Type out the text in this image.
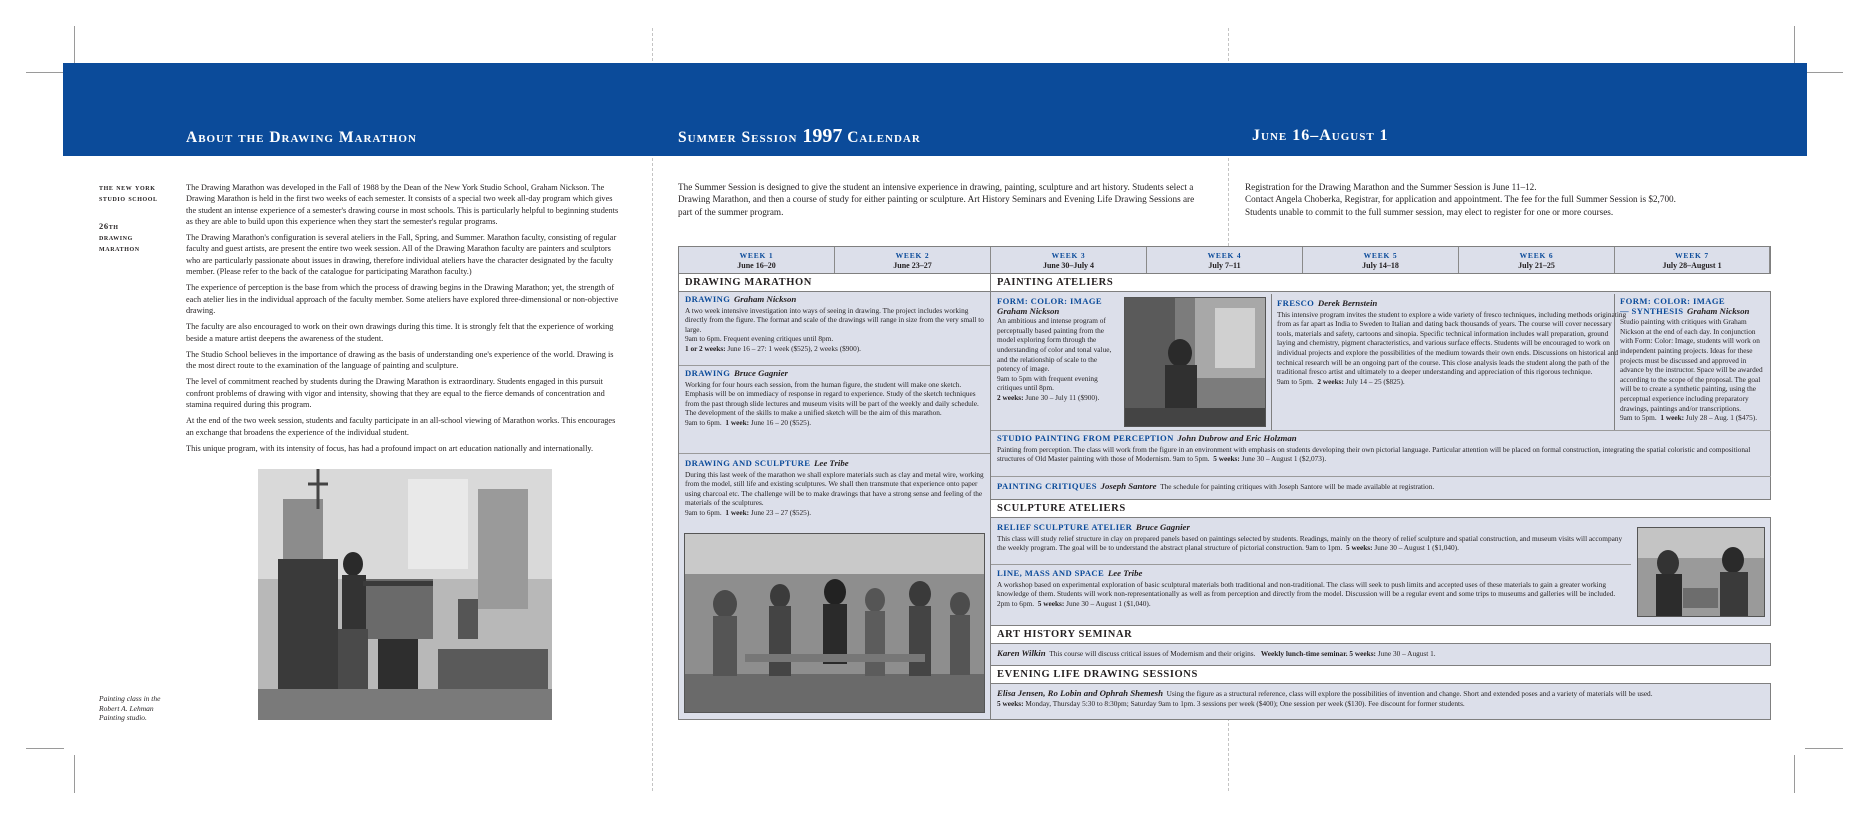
About the Drawing Marathon	Summer Session 1997 Calendar	June 16–August 1
the new york
studio school
26th
drawing
marathon

The Drawing Marathon was developed in the Fall of 1988 by the Dean of the New York Studio School, Graham Nickson. The Drawing Marathon is held in the first two weeks of each semester. It consists of a special two week all-day program which gives the student an intense experience of a semester's drawing course in most schools. This is particularly helpful to beginning students as they are able to build upon this experience when they start the semester's regular programs.

The Drawing Marathon's configuration is several ateliers in the Fall, Spring, and Summer. Marathon faculty, consisting of regular faculty and guest artists, are present the entire two week session. All of the Drawing Marathon faculty are painters and sculptors who are particularly passionate about issues in drawing, therefore individual ateliers have the character designated by the faculty member. (Please refer to the back of the catalogue for participating Marathon faculty.)

The experience of perception is the base from which the process of drawing begins in the Drawing Marathon; yet, the strength of each atelier lies in the individual approach of the faculty member. Some ateliers have explored three-dimensional or non-objective drawing.

The faculty are also encouraged to work on their own drawings during this time. It is strongly felt that the experience of working beside a mature artist deepens the awareness of the student.

The Studio School believes in the importance of drawing as the basis of understanding one's experience of the world. Drawing is the most direct route to the examination of the language of painting and sculpture.

The level of commitment reached by students during the Drawing Marathon is extraordinary. Students engaged in this pursuit confront problems of drawing with vigor and intensity, showing that they are equal to the fierce demands of concentration and stamina required during this program.

At the end of the two week session, students and faculty participate in an all-school viewing of Marathon works. This encourages an exchange that broadens the experience of the individual student.

This unique program, with its intensity of focus, has had a profound impact on art education nationally and internationally.

Painting class in the
Robert A. Lehman
Painting studio.
The Summer Session is designed to give the student an intensive experience in drawing, painting, sculpture and art history. Students select a Drawing Marathon, and then a course of study for either painting or sculpture. Art History Seminars and Evening Life Drawing Sessions are part of the summer program.
Registration for the Drawing Marathon and the Summer Session is June 11–12.
Contact Angela Choberka, Registrar, for application and appointment. The fee for the full Summer Session is $2,700.
Students unable to commit to the full summer session, may elect to register for one or more courses.
WEEK 1
June 16–20
WEEK 2
June 23–27
WEEK 3
June 30–July 4
WEEK 4
July 7–11
WEEK 5
July 14–18
WEEK 6
July 21–25
WEEK 7
July 28–August 1
DRAWING MARATHON
DRAWING Graham Nickson
A two week intensive investigation into ways of seeing in drawing. The project includes working directly from the figure. The format and scale of the drawings will range in size from the very small to large.
9am to 6pm. Frequent evening critiques until 8pm.
1 or 2 weeks: June 16 – 27: 1 week ($525), 2 weeks ($900).
DRAWING Bruce Gagnier
Working for four hours each session, from the human figure, the student will make one sketch. Emphasis will be on immediacy of response in regard to experience. Study of the sketch techniques from the past through slide lectures and museum visits will be part of the weekly and daily schedule. The development of the skills to make a unified sketch will be the aim of this marathon.
9am to 6pm. 1 week: June 16 – 20 ($525).
DRAWING AND SCULPTURE Lee Tribe
During this last week of the marathon we shall explore materials such as clay and metal wire, working from the model, still life and existing sculptures. We shall then transmute that experience onto paper using charcoal etc. The challenge will be to make drawings that have a strong sense and feeling of the materials of the sculptures.
9am to 6pm. 1 week: June 23 – 27 ($525).
PAINTING ATELIERS
FORM: COLOR: IMAGE
Graham Nickson
An ambitious and intense program of perceptually based painting from the model exploring form through the understanding of color and tonal value, and the relationship of scale to the potency of image.
9am to 5pm with frequent evening critiques until 8pm.
2 weeks: June 30 – July 11 ($900).
FRESCO Derek Bernstein
This intensive program invites the student to explore a wide variety of fresco techniques, including methods originating from as far apart as India to Sweden to Italian and dating back thousands of years. The course will cover necessary tools, materials and safety, cartoons and sinopia. Specific technical information includes wall preparation, ground laying and chemistry, pigment characteristics, and various surface effects. Students will be encouraged to work on individual projects and explore the possibilities of the medium towards their own ends. Discussions on historical and technical research will be an ongoing part of the course. This close analysis leads the student along the path of the traditional fresco artist and ultimately to a deeper understanding and appreciation of this rigorous technique.
9am to 5pm. 2 weeks: July 14 – 25 ($825).
FORM: COLOR: IMAGE
— SYNTHESIS Graham Nickson
Studio painting with critiques with Graham Nickson at the end of each day. In conjunction with Form: Color: Image, students will work on independent painting projects. Ideas for these projects must be discussed and approved in advance by the instructor. Space will be awarded according to the scope of the proposal. The goal will be to create a synthetic painting, using the perceptual experience including preparatory drawings, paintings and/or transcriptions.
9am to 5pm. 1 week: July 28 – Aug. 1 ($475).
STUDIO PAINTING FROM PERCEPTION John Dubrow and Eric Holzman
Painting from perception. The class will work from the figure in an environment with emphasis on students developing their own pictorial language. Particular attention will be placed on formal construction, integrating the spatial coloristic and compositional structures of Old Master painting with those of Modernism. 9am to 5pm. 5 weeks: June 30 – August 1 ($2,073).
PAINTING CRITIQUES Joseph Santore The schedule for painting critiques with Joseph Santore will be made available at registration.
SCULPTURE ATELIERS
RELIEF SCULPTURE ATELIER Bruce Gagnier
This class will study relief structure in clay on prepared panels based on paintings selected by students. Readings, mainly on the theory of relief sculpture and spatial construction, and museum visits will accompany the weekly program. The goal will be to understand the abstract planal structure of pictorial construction. 9am to 1pm. 5 weeks: June 30 – August 1 ($1,040).
LINE, MASS AND SPACE Lee Tribe
A workshop based on experimental exploration of basic sculptural materials both traditional and non-traditional. The class will seek to push limits and accepted uses of these materials to gain a greater working knowledge of them. Students will work non-representationally as well as from perception and directly from the model. Discussion will be a regular event and some trips to museums and galleries will be included. 2pm to 6pm. 5 weeks: June 30 – August 1 ($1,040).
ART HISTORY SEMINAR
Karen Wilkin This course will discuss critical issues of Modernism and their origins. Weekly lunch-time seminar. 5 weeks: June 30 – August 1.
EVENING LIFE DRAWING SESSIONS
Elisa Jensen, Ro Lobin and Ophrah Shemesh Using the figure as a structural reference, class will explore the possibilities of invention and change. Short and extended poses and a variety of materials will be used.
5 weeks: Monday, Thursday 5:30 to 8:30pm; Saturday 9am to 1pm. 3 sessions per week ($400); One session per week ($130). Fee discount for former students.
